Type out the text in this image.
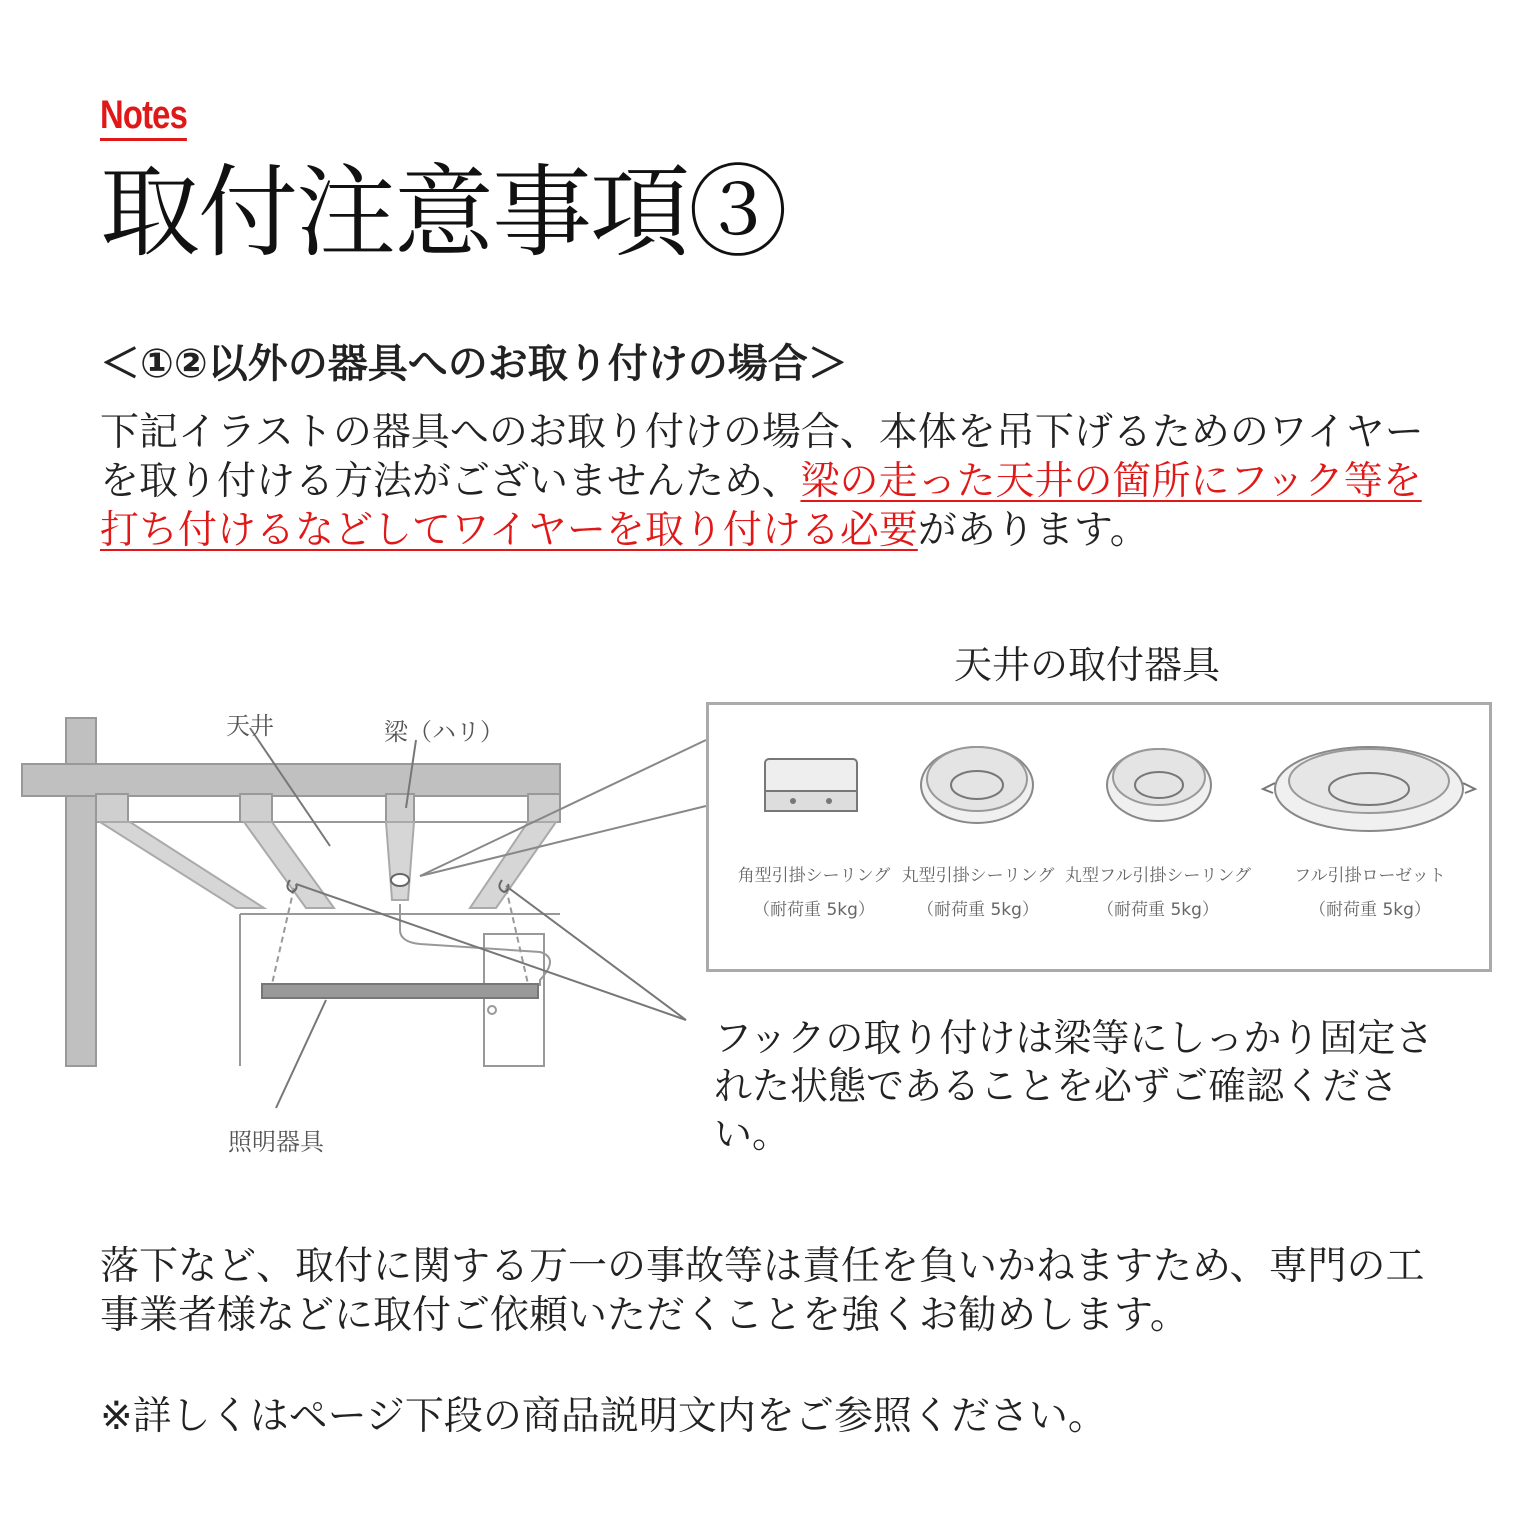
Notes
取付注意事項③
＜①②以外の器具へのお取り付けの場合＞
下記イラストの器具へのお取り付けの場合、本体を吊下げるためのワイヤーを取り付ける方法がございませんため、梁の走った天井の箇所にフック等を打ち付けるなどしてワイヤーを取り付ける必要があります。
天井	梁（ハリ）
照明器具
天井の取付器具
角型引掛シーリング
（耐荷重 5kg）
丸型引掛シーリング
（耐荷重 5kg）
丸型フル引掛シーリング
（耐荷重 5kg）
フル引掛ローゼット
（耐荷重 5kg）
フックの取り付けは梁等にしっかり固定された状態であることを必ずご確認ください。
落下など、取付に関する万一の事故等は責任を負いかねますため、専門の工事業者様などに取付ご依頼いただくことを強くお勧めします。
※詳しくはページ下段の商品説明文内をご参照ください。
